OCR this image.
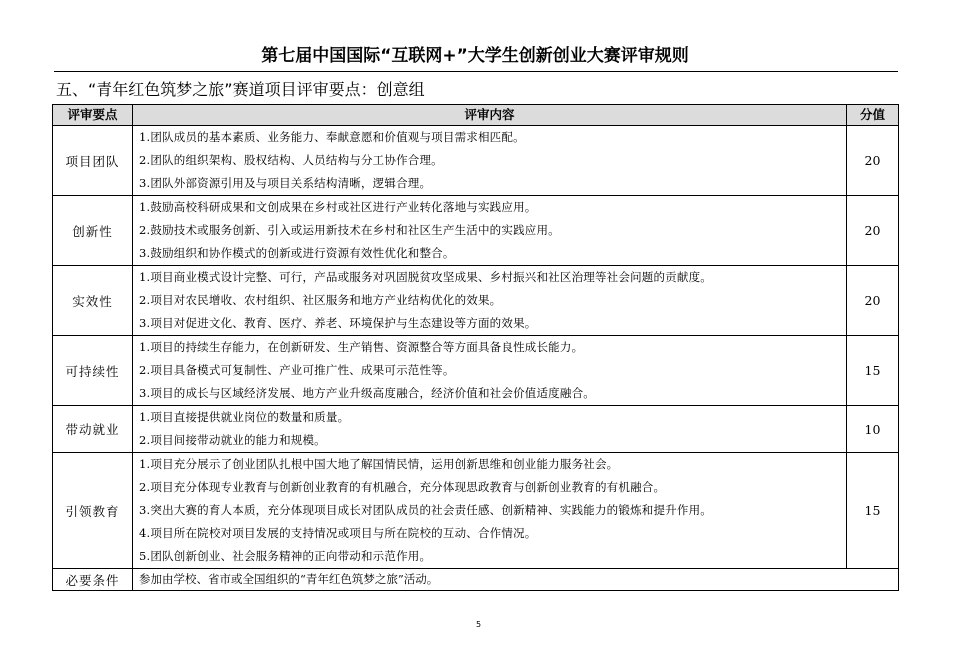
第七届中国国际“互联网+”大学生创新创业大赛评审规则
五、“青年红色筑梦之旅”赛道项目评审要点：创意组
评审要点	评审内容	分值
项目团队	1.团队成员的基本素质、业务能力、奉献意愿和价值观与项目需求相匹配。
2.团队的组织架构、股权结构、人员结构与分工协作合理。
3.团队外部资源引用及与项目关系结构清晰，逻辑合理。	20
创新性	1.鼓励高校科研成果和文创成果在乡村或社区进行产业转化落地与实践应用。
2.鼓励技术或服务创新、引入或运用新技术在乡村和社区生产生活中的实践应用。
3.鼓励组织和协作模式的创新或进行资源有效性优化和整合。	20
实效性	1.项目商业模式设计完整、可行，产品或服务对巩固脱贫攻坚成果、乡村振兴和社区治理等社会问题的贡献度。
2.项目对农民增收、农村组织、社区服务和地方产业结构优化的效果。
3.项目对促进文化、教育、医疗、养老、环境保护与生态建设等方面的效果。	20
可持续性	1.项目的持续生存能力，在创新研发、生产销售、资源整合等方面具备良性成长能力。
2.项目具备模式可复制性、产业可推广性、成果可示范性等。
3.项目的成长与区域经济发展、地方产业升级高度融合，经济价值和社会价值适度融合。	15
带动就业	1.项目直接提供就业岗位的数量和质量。
2.项目间接带动就业的能力和规模。	10
引领教育	1.项目充分展示了创业团队扎根中国大地了解国情民情，运用创新思维和创业能力服务社会。
2.项目充分体现专业教育与创新创业教育的有机融合，充分体现思政教育与创新创业教育的有机融合。
3.突出大赛的育人本质，充分体现项目成长对团队成员的社会责任感、创新精神、实践能力的锻炼和提升作用。
4.项目所在院校对项目发展的支持情况或项目与所在院校的互动、合作情况。
5.团队创新创业、社会服务精神的正向带动和示范作用。	15
必要条件	参加由学校、省市或全国组织的“青年红色筑梦之旅”活动。	
5
